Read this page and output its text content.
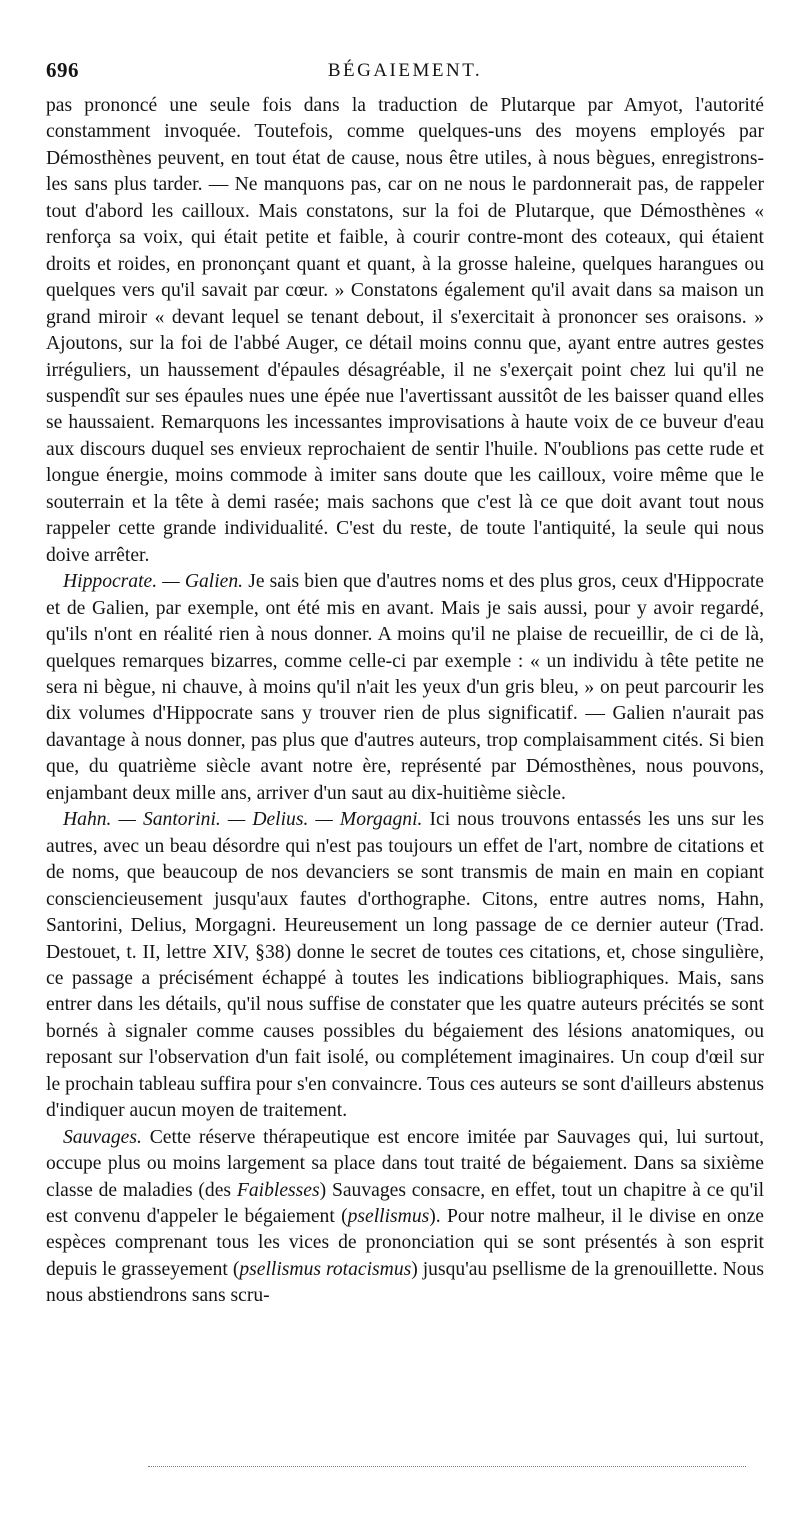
696	BÉGAIEMENT.

pas prononcé une seule fois dans la traduction de Plutarque par Amyot, l'autorité constamment invoquée. Toutefois, comme quelques-uns des moyens employés par Démosthènes peuvent, en tout état de cause, nous être utiles, à nous bègues, enregistrons-les sans plus tarder. — Ne manquons pas, car on ne nous le pardonnerait pas, de rappeler tout d'abord les cailloux. Mais constatons, sur la foi de Plutarque, que Démosthènes « renforça sa voix, qui était petite et faible, à courir contre-mont des coteaux, qui étaient droits et roides, en prononçant quant et quant, à la grosse haleine, quelques harangues ou quelques vers qu'il savait par cœur. » Constatons également qu'il avait dans sa maison un grand miroir « devant lequel se tenant debout, il s'exercitait à prononcer ses oraisons. » Ajoutons, sur la foi de l'abbé Auger, ce détail moins connu que, ayant entre autres gestes irréguliers, un haussement d'épaules désagréable, il ne s'exerçait point chez lui qu'il ne suspendît sur ses épaules nues une épée nue l'avertissant aussitôt de les baisser quand elles se haussaient. Remarquons les incessantes improvisations à haute voix de ce buveur d'eau aux discours duquel ses envieux reprochaient de sentir l'huile. N'oublions pas cette rude et longue énergie, moins commode à imiter sans doute que les cailloux, voire même que le souterrain et la tête à demi rasée; mais sachons que c'est là ce que doit avant tout nous rappeler cette grande individualité. C'est du reste, de toute l'antiquité, la seule qui nous doive arrêter.

Hippocrate. — Galien. Je sais bien que d'autres noms et des plus gros, ceux d'Hippocrate et de Galien, par exemple, ont été mis en avant. Mais je sais aussi, pour y avoir regardé, qu'ils n'ont en réalité rien à nous donner. A moins qu'il ne plaise de recueillir, de ci de là, quelques remarques bizarres, comme celle-ci par exemple : « un individu à tête petite ne sera ni bègue, ni chauve, à moins qu'il n'ait les yeux d'un gris bleu, » on peut parcourir les dix volumes d'Hippocrate sans y trouver rien de plus significatif. — Galien n'aurait pas davantage à nous donner, pas plus que d'autres auteurs, trop complaisamment cités. Si bien que, du quatrième siècle avant notre ère, représenté par Démosthènes, nous pouvons, enjambant deux mille ans, arriver d'un saut au dix-huitième siècle.

Hahn. — Santorini. — Delius. — Morgagni. Ici nous trouvons entassés les uns sur les autres, avec un beau désordre qui n'est pas toujours un effet de l'art, nombre de citations et de noms, que beaucoup de nos devanciers se sont transmis de main en main en copiant consciencieusement jusqu'aux fautes d'orthographe. Citons, entre autres noms, Hahn, Santorini, Delius, Morgagni. Heureusement un long passage de ce dernier auteur (Trad. Destouet, t. II, lettre XIV, §38) donne le secret de toutes ces citations, et, chose singulière, ce passage a précisément échappé à toutes les indications bibliographiques. Mais, sans entrer dans les détails, qu'il nous suffise de constater que les quatre auteurs précités se sont bornés à signaler comme causes possibles du bégaiement des lésions anatomiques, ou reposant sur l'observation d'un fait isolé, ou complétement imaginaires. Un coup d'œil sur le prochain tableau suffira pour s'en convaincre. Tous ces auteurs se sont d'ailleurs abstenus d'indiquer aucun moyen de traitement.

Sauvages. Cette réserve thérapeutique est encore imitée par Sauvages qui, lui surtout, occupe plus ou moins largement sa place dans tout traité de bégaiement. Dans sa sixième classe de maladies (des Faiblesses) Sauvages consacre, en effet, tout un chapitre à ce qu'il est convenu d'appeler le bégaiement (psellismus). Pour notre malheur, il le divise en onze espèces comprenant tous les vices de prononciation qui se sont présentés à son esprit depuis le grasseyement (psellismus rotacismus) jusqu'au psellisme de la grenouillette. Nous nous abstiendrons sans scru-
